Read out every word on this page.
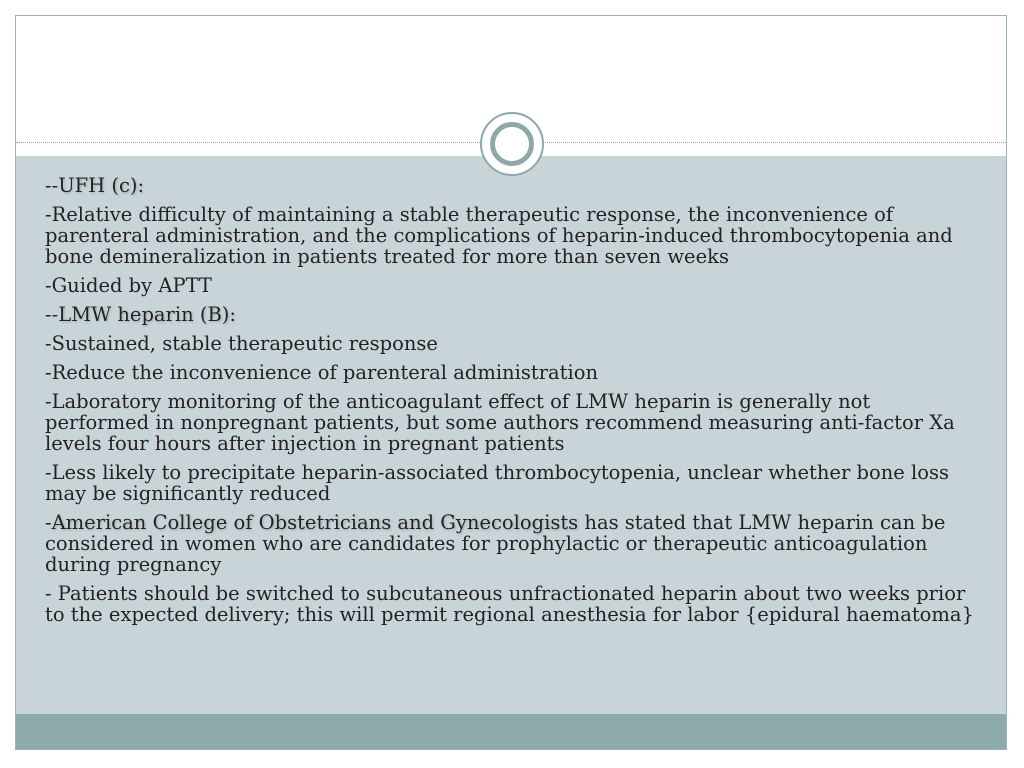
--UFH (c):

-Relative difficulty of maintaining a stable therapeutic response, the inconvenience of parenteral administration, and the complications of heparin-induced thrombocytopenia and bone demineralization in patients treated for more than seven weeks

-Guided by APTT

--LMW heparin (B):

-Sustained, stable therapeutic response

-Reduce the inconvenience of parenteral administration

-Laboratory monitoring of the anticoagulant effect of LMW heparin is generally not performed in nonpregnant patients, but some authors recommend measuring anti-factor Xa levels four hours after injection in pregnant patients

-Less likely to precipitate heparin-associated thrombocytopenia, unclear whether bone loss may be significantly reduced

-American College of Obstetricians and Gynecologists has stated that LMW heparin can be considered in women who are candidates for prophylactic or therapeutic anticoagulation during pregnancy

- Patients should be switched to subcutaneous unfractionated heparin about two weeks prior to the expected delivery; this will permit regional anesthesia for labor {epidural haematoma}
